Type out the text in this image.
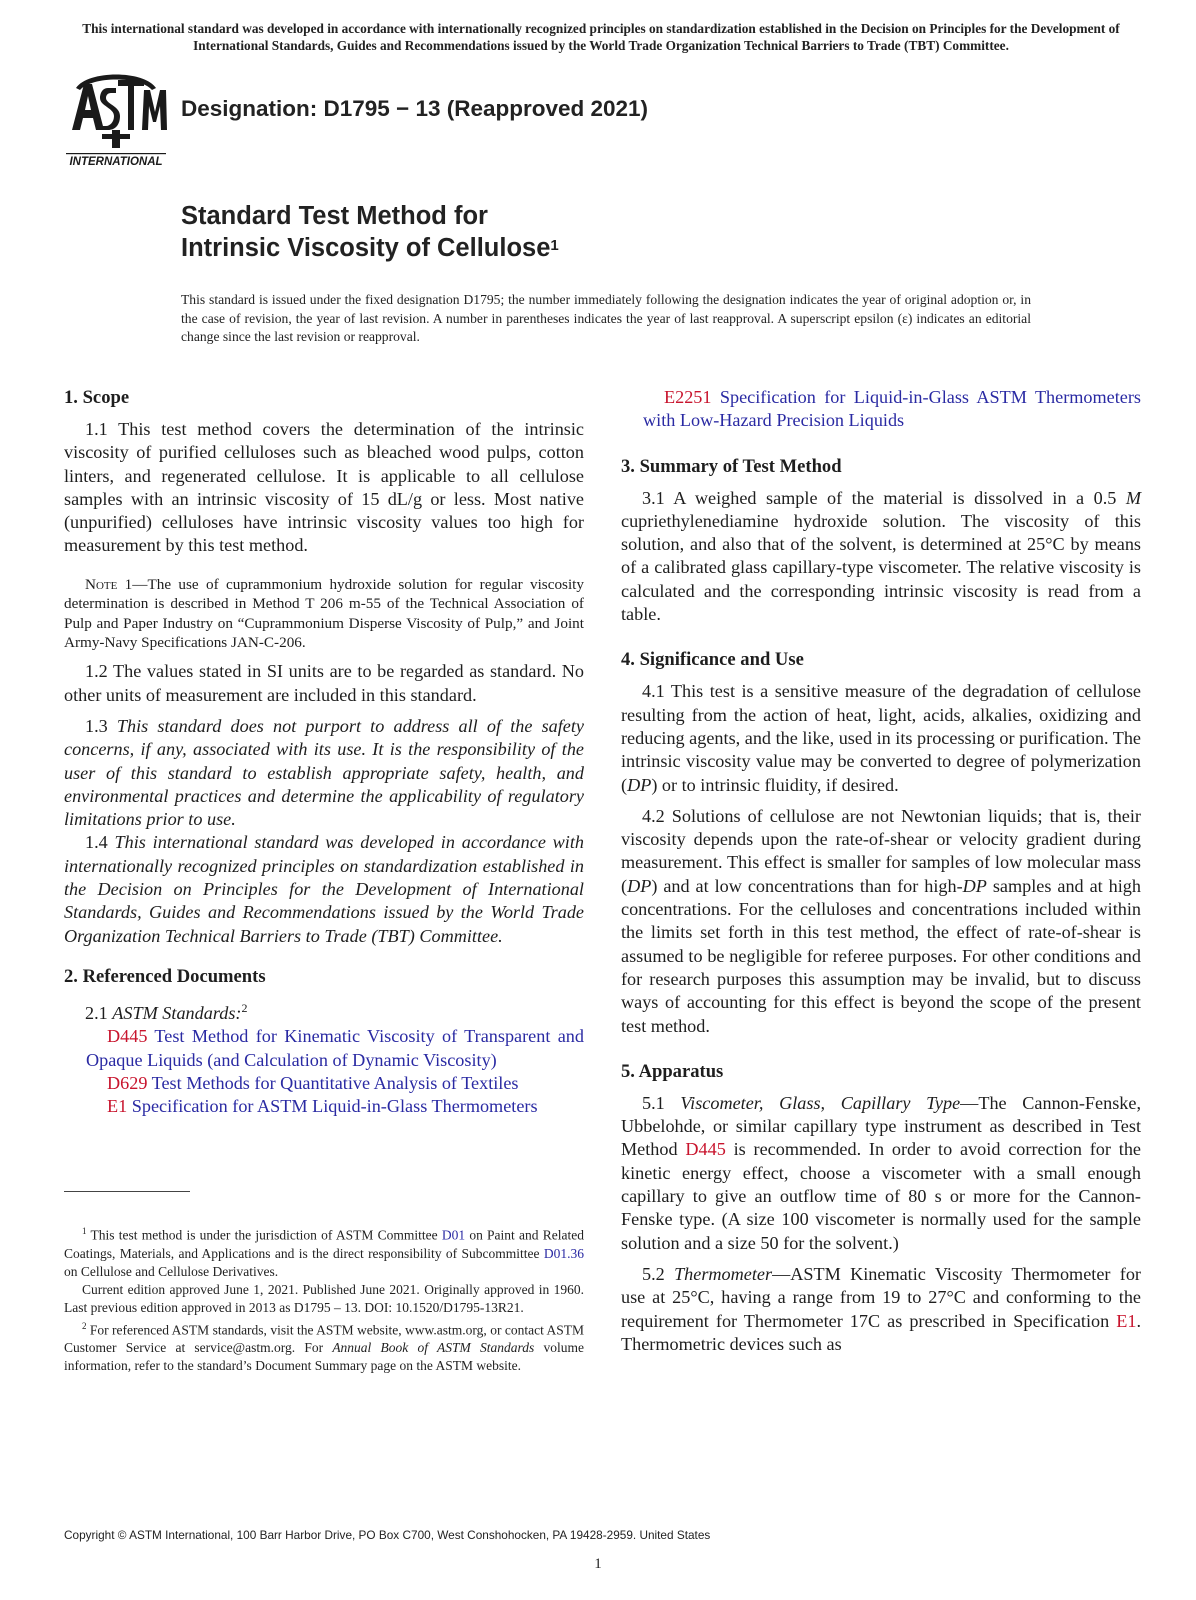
This international standard was developed in accordance with internationally recognized principles on standardization established in the Decision on Principles for the Development of International Standards, Guides and Recommendations issued by the World Trade Organization Technical Barriers to Trade (TBT) Committee.
INTERNATIONAL
Designation: D1795 − 13 (Reapproved 2021)
Standard Test Method for
Intrinsic Viscosity of Cellulose$^1$
This standard is issued under the fixed designation D1795; the number immediately following the designation indicates the year of original adoption or, in the case of revision, the year of last revision. A number in parentheses indicates the year of last reapproval. A superscript epsilon (ε) indicates an editorial change since the last revision or reapproval.
1. Scope

1.1 This test method covers the determination of the intrinsic viscosity of purified celluloses such as bleached wood pulps, cotton linters, and regenerated cellulose. It is applicable to all cellulose samples with an intrinsic viscosity of 15 dL/g or less. Most native (unpurified) celluloses have intrinsic viscosity values too high for measurement by this test method.

Note 1—The use of cuprammonium hydroxide solution for regular viscosity determination is described in Method T 206 m-55 of the Technical Association of Pulp and Paper Industry on “Cuprammonium Disperse Viscosity of Pulp,” and Joint Army-Navy Specifications JAN-C-206.

1.2 The values stated in SI units are to be regarded as standard. No other units of measurement are included in this standard.

1.3 This standard does not purport to address all of the safety concerns, if any, associated with its use. It is the responsibility of the user of this standard to establish appropriate safety, health, and environmental practices and determine the applicability of regulatory limitations prior to use.

1.4 This international standard was developed in accordance with internationally recognized principles on standardization established in the Decision on Principles for the Development of International Standards, Guides and Recommendations issued by the World Trade Organization Technical Barriers to Trade (TBT) Committee.

2. Referenced Documents

2.1 ASTM Standards:$^2$

D445 Test Method for Kinematic Viscosity of Transparent and Opaque Liquids (and Calculation of Dynamic Viscosity)

D629 Test Methods for Quantitative Analysis of Textiles

E1 Specification for ASTM Liquid-in-Glass Thermometers

$^1$ This test method is under the jurisdiction of ASTM Committee D01 on Paint and Related Coatings, Materials, and Applications and is the direct responsibility of Subcommittee D01.36 on Cellulose and Cellulose Derivatives.

Current edition approved June 1, 2021. Published June 2021. Originally approved in 1960. Last previous edition approved in 2013 as D1795 – 13. DOI: 10.1520/D1795-13R21.

$^2$ For referenced ASTM standards, visit the ASTM website, www.astm.org, or contact ASTM Customer Service at service@astm.org. For Annual Book of ASTM Standards volume information, refer to the standard’s Document Summary page on the ASTM website.

E2251 Specification for Liquid-in-Glass ASTM Thermometers with Low-Hazard Precision Liquids

3. Summary of Test Method

3.1 A weighed sample of the material is dissolved in a 0.5 M cupriethylenediamine hydroxide solution. The viscosity of this solution, and also that of the solvent, is determined at 25°C by means of a calibrated glass capillary-type viscometer. The relative viscosity is calculated and the corresponding intrinsic viscosity is read from a table.

4. Significance and Use

4.1 This test is a sensitive measure of the degradation of cellulose resulting from the action of heat, light, acids, alkalies, oxidizing and reducing agents, and the like, used in its processing or purification. The intrinsic viscosity value may be converted to degree of polymerization (DP) or to intrinsic fluidity, if desired.

4.2 Solutions of cellulose are not Newtonian liquids; that is, their viscosity depends upon the rate-of-shear or velocity gradient during measurement. This effect is smaller for samples of low molecular mass (DP) and at low concentrations than for high-DP samples and at high concentrations. For the celluloses and concentrations included within the limits set forth in this test method, the effect of rate-of-shear is assumed to be negligible for referee purposes. For other conditions and for research purposes this assumption may be invalid, but to discuss ways of accounting for this effect is beyond the scope of the present test method.

5. Apparatus

5.1 Viscometer, Glass, Capillary Type—The Cannon-Fenske, Ubbelohde, or similar capillary type instrument as described in Test Method D445 is recommended. In order to avoid correction for the kinetic energy effect, choose a viscometer with a small enough capillary to give an outflow time of 80 s or more for the Cannon-Fenske type. (A size 100 viscometer is normally used for the sample solution and a size 50 for the solvent.)

5.2 Thermometer—ASTM Kinematic Viscosity Thermometer for use at 25°C, having a range from 19 to 27°C and conforming to the requirement for Thermometer 17C as prescribed in Specification E1. Thermometric devices such as

Copyright © ASTM International, 100 Barr Harbor Drive, PO Box C700, West Conshohocken, PA 19428-2959. United States
1
